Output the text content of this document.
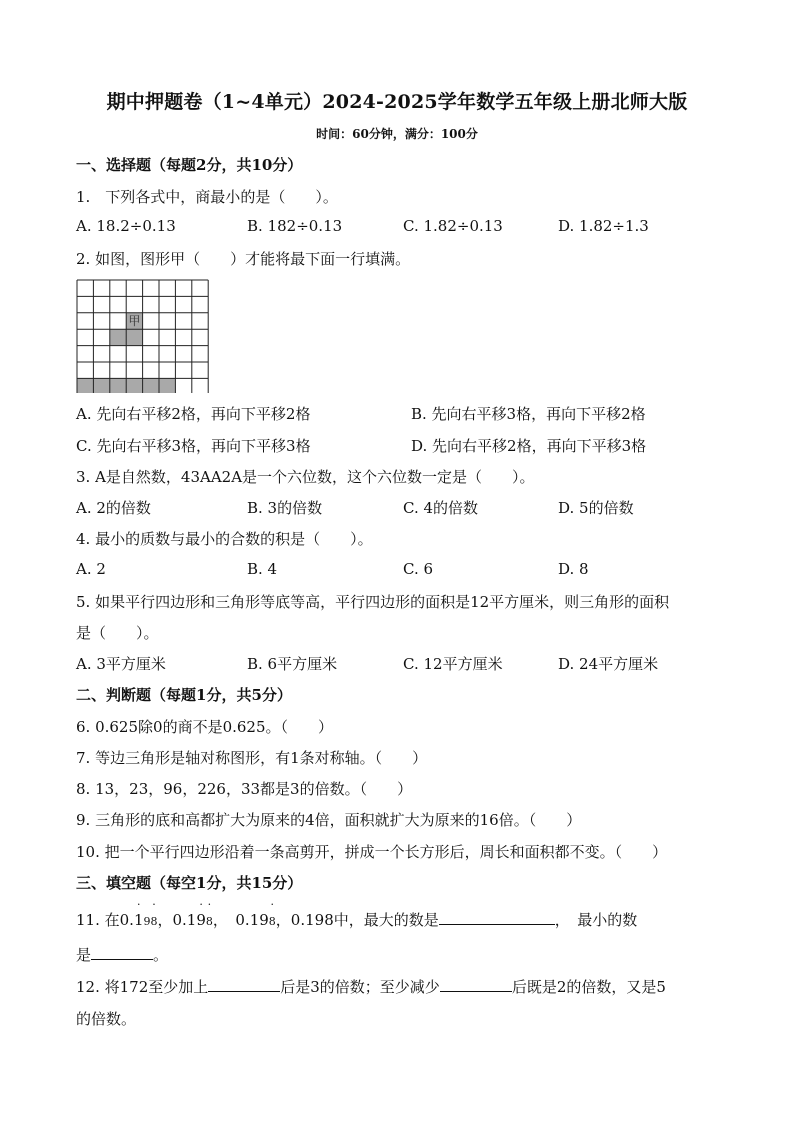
期中押题卷（1~4单元）2024-2025学年数学五年级上册北师大版
时间：60分钟，满分：100分
一、选择题（每题2分，共10分）
1.　下列各式中，商最小的是（　　）。
A. 18.2÷0.13	B. 182÷0.13	C. 1.82÷0.13	D. 1.82÷1.3
2. 如图，图形甲（　　）才能将最下面一行填满。
甲
A. 先向右平移2格，再向下平移2格	B. 先向右平移3格，再向下平移2格
C. 先向右平移3格，再向下平移3格	D. 先向右平移2格，再向下平移3格
3. A是自然数，43AA2A是一个六位数，这个六位数一定是（　　）。
A. 2的倍数	B. 3的倍数	C. 4的倍数	D. 5的倍数
4. 最小的质数与最小的合数的积是（　　）。
A. 2	B. 4	C. 6	D. 8
5. 如果平行四边形和三角形等底等高，平行四边形的面积是12平方厘米，则三角形的面积
是（　　）。
A. 3平方厘米	B. 6平方厘米	C. 12平方厘米	D. 24平方厘米
二、判断题（每题1分，共5分）
6. 0.625除0的商不是0.625。（　　）
7. 等边三角形是轴对称图形，有1条对称轴。（　　）
8. 13，23，96，226，33都是3的倍数。（　　）
9. 三角形的底和高都扩大为原来的4倍，面积就扩大为原来的16倍。（　　）
10. 把一个平行四边形沿着一条高剪开，拼成一个长方形后，周长和面积都不变。（　　）
三、填空题（每空1分，共15分）
11. 在0.
·
19
·
8，0.1
·
9
·
8，　0.19
·
8，0.198中，最大的数是	，　最小的数
是	。
12. 将172至少加上	后是3的倍数；至少减少	后既是2的倍数，又是5
的倍数。
